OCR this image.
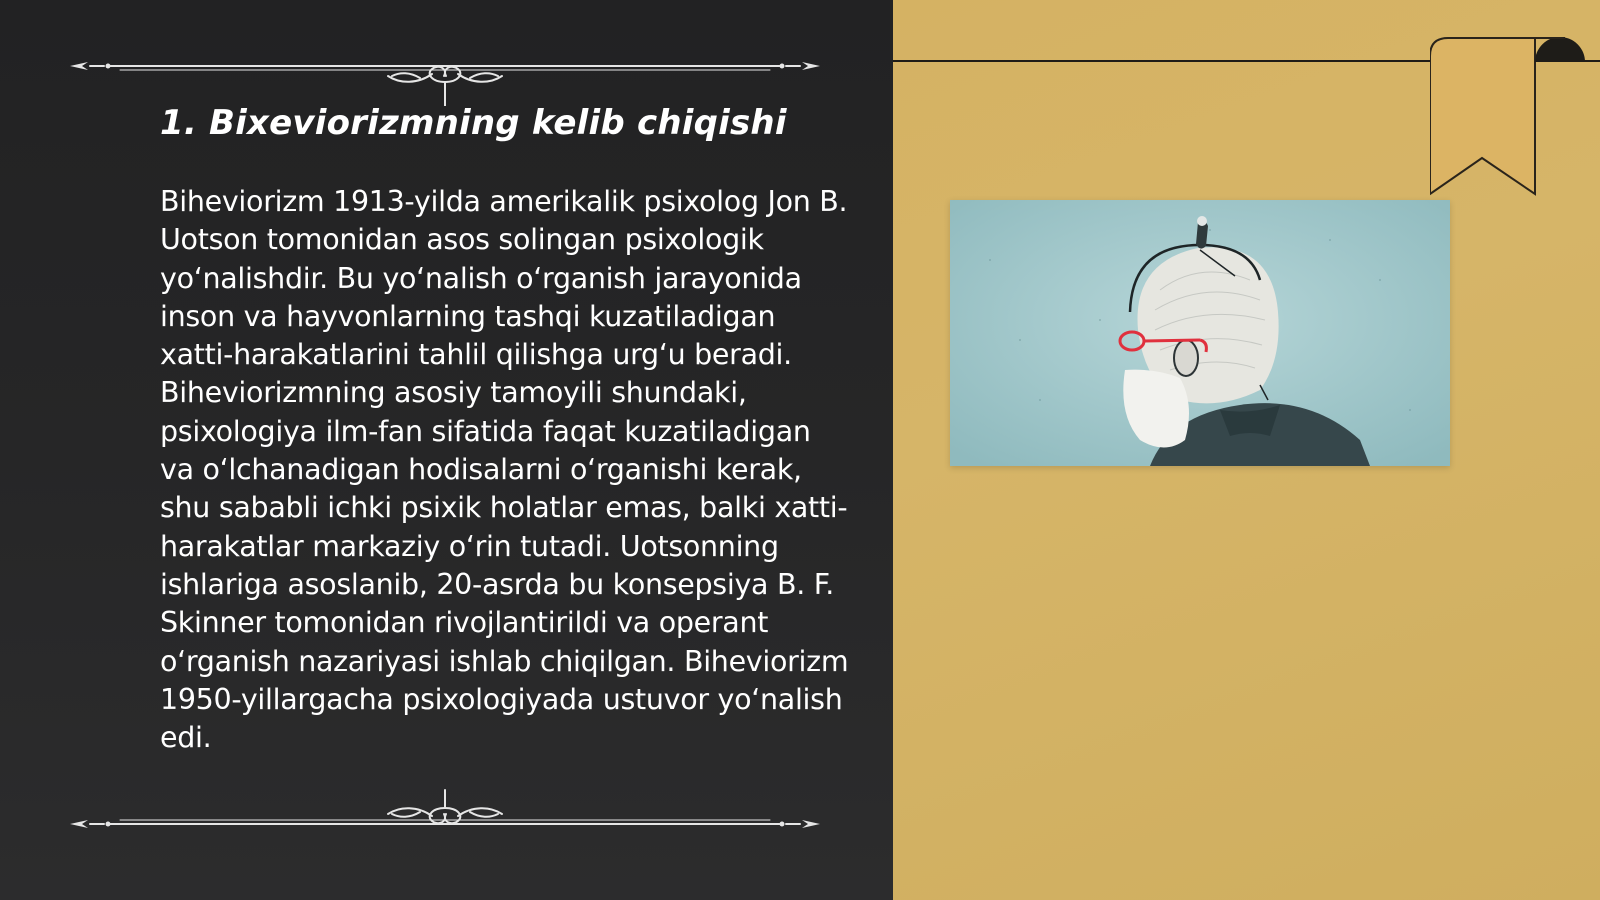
1. Bixeviorizmning kelib chiqishi

Biheviorizm 1913-yilda amerikalik psixolog Jon B. Uotson tomonidan asos solingan psixologik yo‘nalishdir. Bu yo‘nalish o‘rganish jarayonida inson va hayvonlarning tashqi kuzatiladigan xatti-harakatlarini tahlil qilishga urg‘u beradi. Biheviorizmning asosiy tamoyili shundaki, psixologiya ilm-fan sifatida faqat kuzatiladigan va o‘lchanadigan hodisalarni o‘rganishi kerak, shu sababli ichki psixik holatlar emas, balki xatti-harakatlar markaziy o‘rin tutadi. Uotsonning ishlariga asoslanib, 20-asrda bu konsepsiya B. F. Skinner tomonidan rivojlantirildi va operant o‘rganish nazariyasi ishlab chiqilgan. Biheviorizm 1950-yillargacha psixologiyada ustuvor yo‘nalish edi.
